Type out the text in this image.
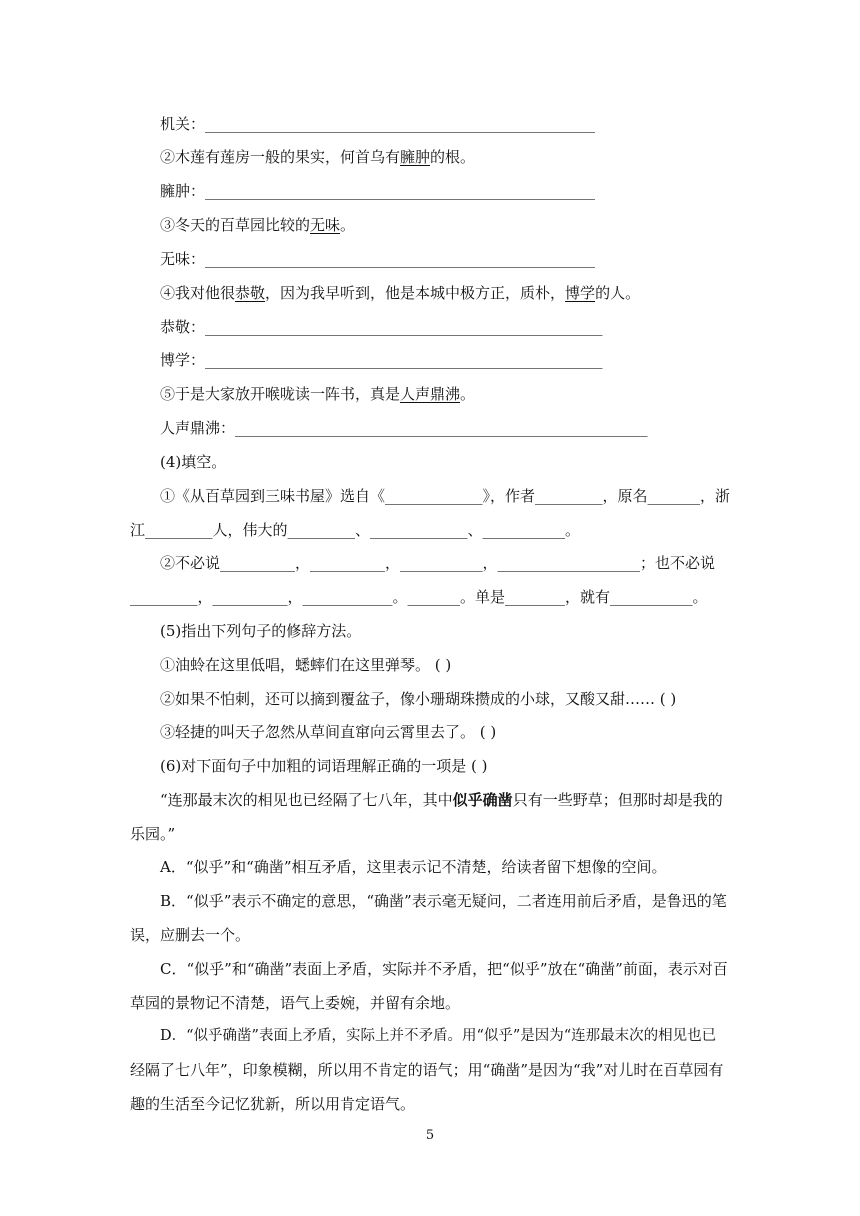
机关：____________________________________________________
②木莲有莲房一般的果实，何首乌有臃肿的根。
臃肿：____________________________________________________
③冬天的百草园比较的无味。
无味：____________________________________________________
④我对他很恭敬，因为我早听到，他是本城中极方正，质朴，博学的人。
恭敬：_____________________________________________________
博学：_____________________________________________________
⑤于是大家放开喉咙读一阵书，真是人声鼎沸。
人声鼎沸：_______________________________________________________
(4)填空。
①《从百草园到三味书屋》选自《_____________》，作者_________，原名_______，浙
江_________人，伟大的_________、_____________、___________。
②不必说__________，__________，___________，___________________；也不必说
_________，__________，____________。_______。单是________，就有___________。
(5)指出下列句子的修辞方法。
①油蛉在这里低唱，蟋蟀们在这里弹琴。 ( )
②如果不怕刺，还可以摘到覆盆子，像小珊瑚珠攒成的小球，又酸又甜…… ( )
③轻捷的叫天子忽然从草间直窜向云霄里去了。 ( )
(6)对下面句子中加粗的词语理解正确的一项是 ( )
“连那最末次的相见也已经隔了七八年，其中似乎确凿只有一些野草；但那时却是我的
乐园。”
A．“似乎”和“确凿”相互矛盾，这里表示记不清楚，给读者留下想像的空间。
B．“似乎”表示不确定的意思，“确凿”表示毫无疑问，二者连用前后矛盾，是鲁迅的笔
误，应删去一个。
C．“似乎”和“确凿”表面上矛盾，实际并不矛盾，把“似乎”放在“确凿”前面，表示对百
草园的景物记不清楚，语气上委婉，并留有余地。
D．“似乎确凿”表面上矛盾，实际上并不矛盾。用“似乎”是因为“连那最末次的相见也已
经隔了七八年”，印象模糊，所以用不肯定的语气；用“确凿”是因为“我”对儿时在百草园有
趣的生活至今记忆犹新，所以用肯定语气。
5
